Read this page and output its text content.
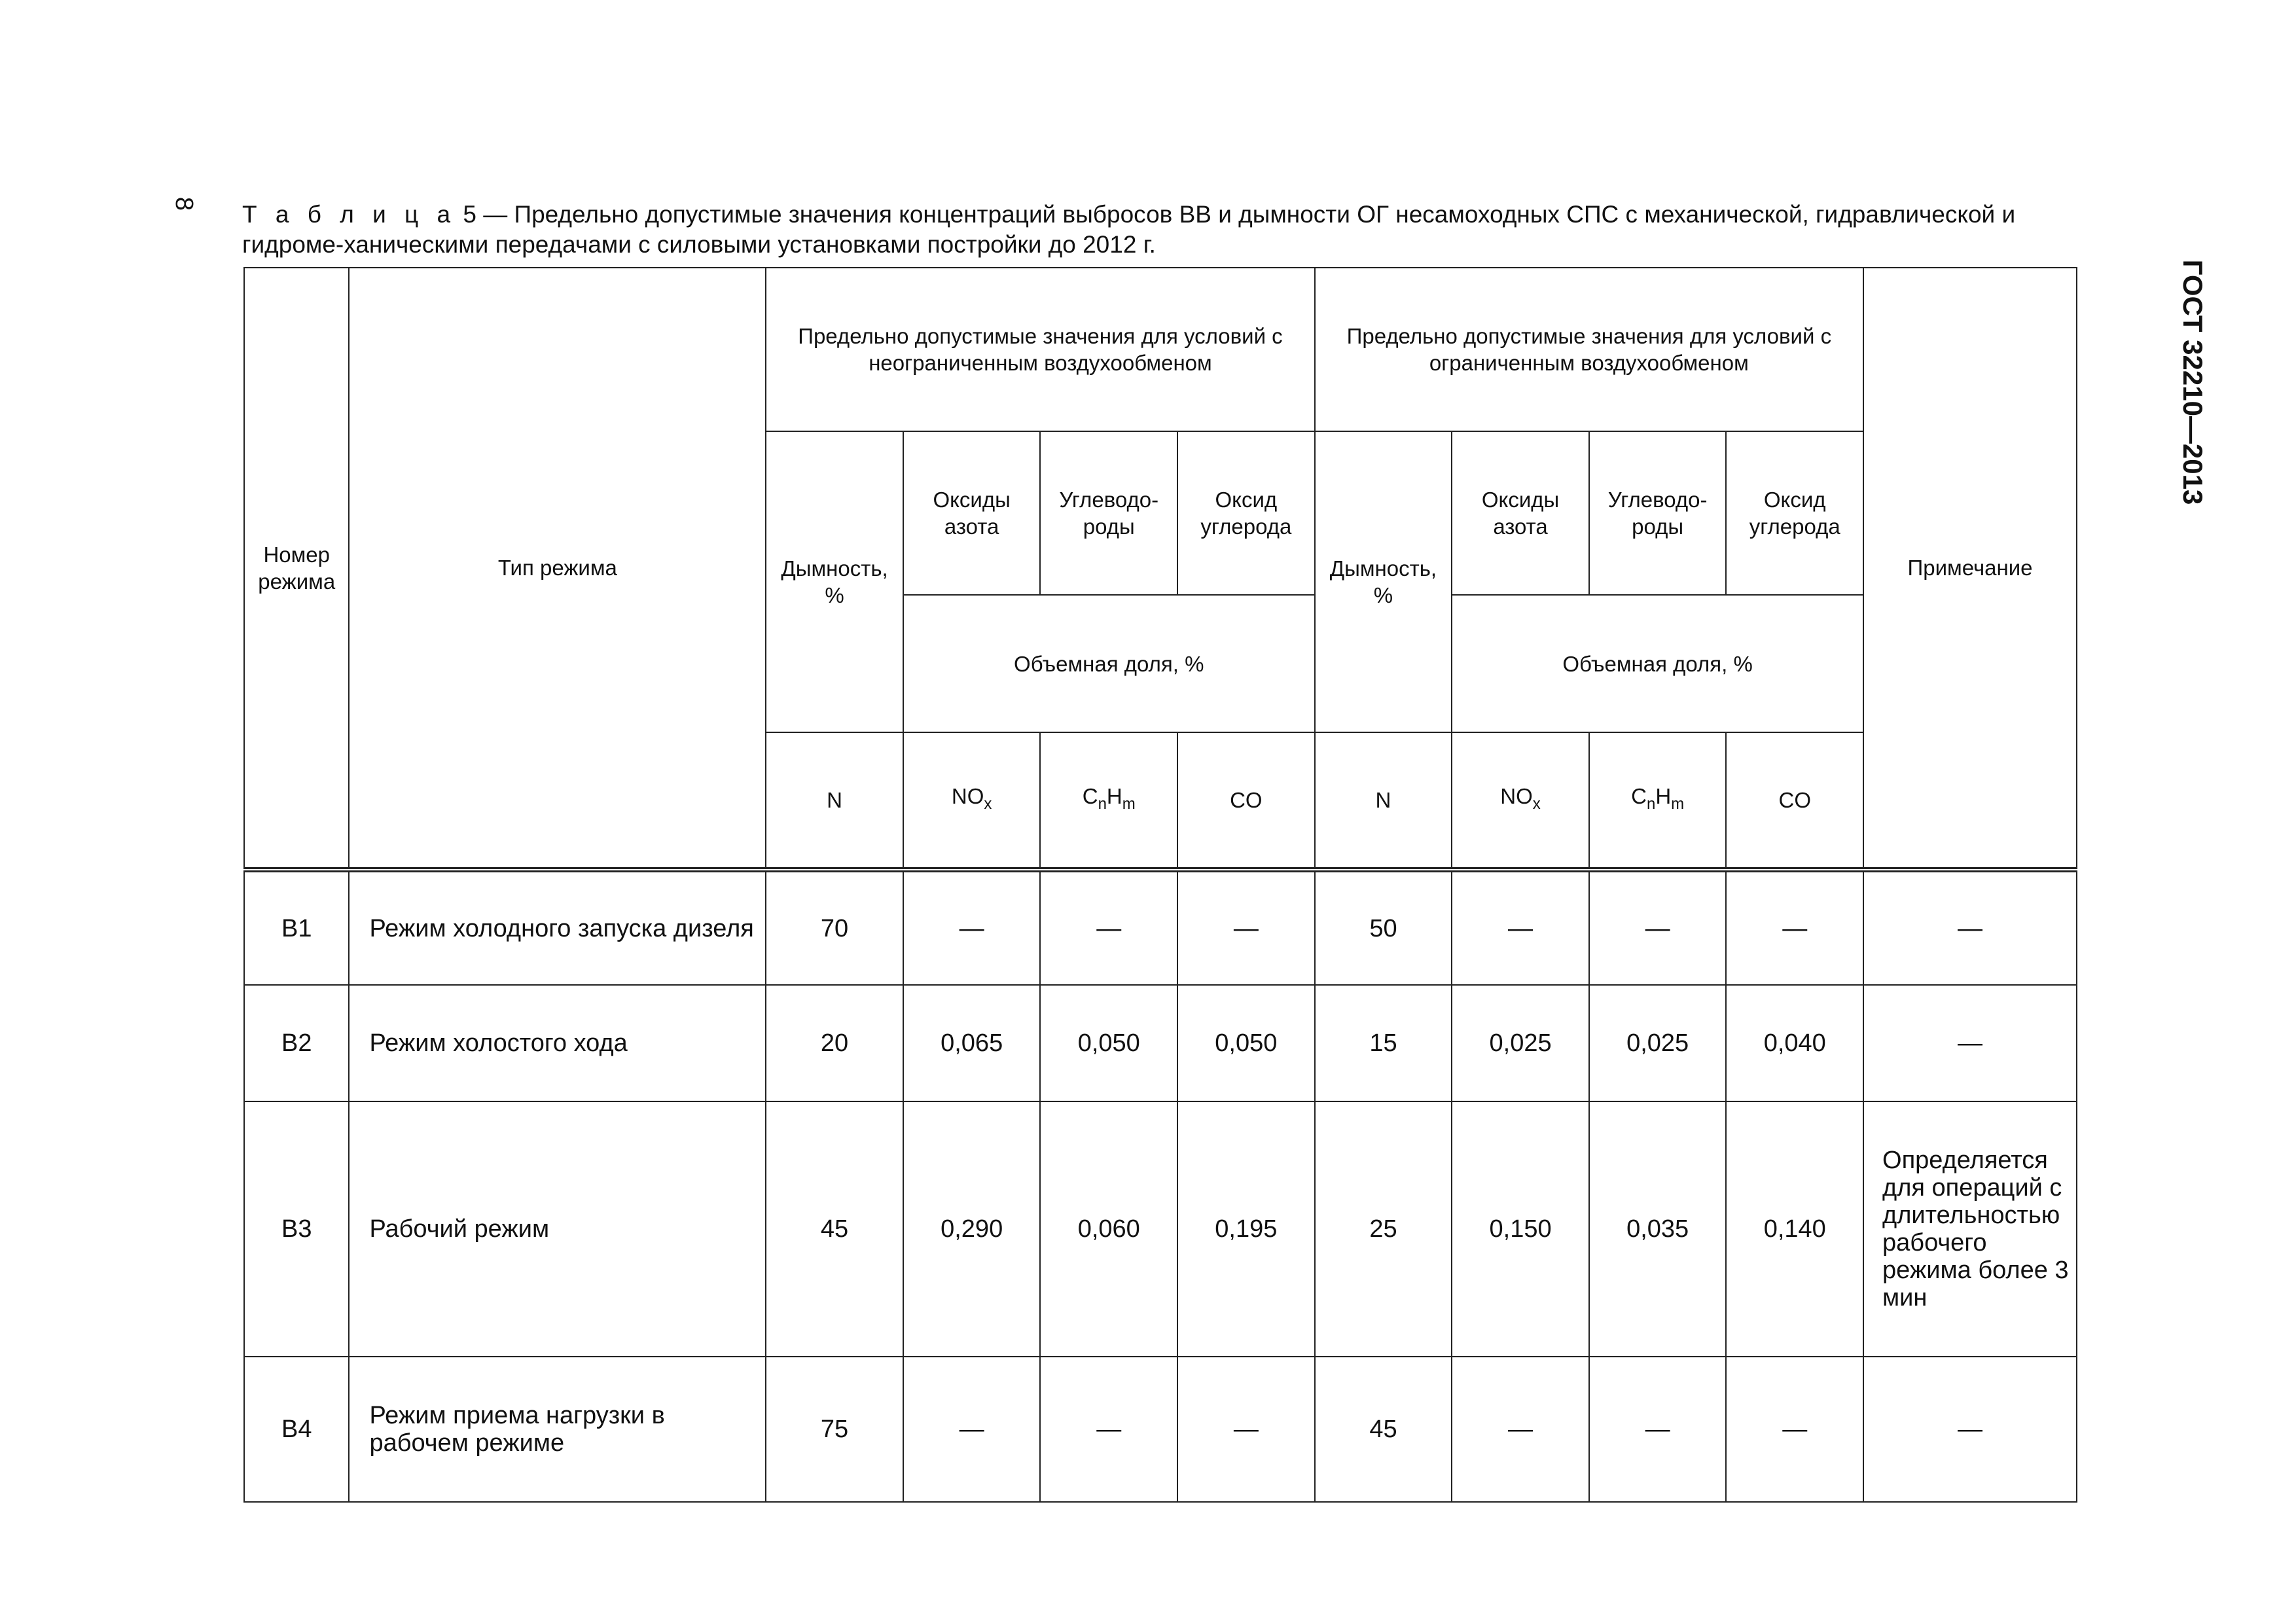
8
ГОСТ 32210—2013
Т а б л и ц а 5 — Предельно допустимые значения концентраций выбросов ВВ и дымности ОГ несамоходных СПС с механической, гидравлической и гидроме-ханическими передачами с силовыми установками постройки до 2012 г.
Номер режима	Тип режима	Предельно допустимые значения для условий с неограниченным воздухообменом				Предельно допустимые значения для условий с ограниченным воздухообменом				Примечание
		Дымность, %	Оксиды азота	Углеводо-роды	Оксид углерода	Дымность, %	Оксиды азота	Углеводо-роды	Оксид углерода	
			Объемная доля, %				Объемная доля, %			
		N	$NO_x$	$C_nH_m$	CO	N	$NO_x$	$C_nH_m$	CO	
В1	Режим холодного запуска дизеля	70	—	—	—	50	—	—	—	—
В2	Режим холостого хода	20	0,065	0,050	0,050	15	0,025	0,025	0,040	—
В3	Рабочий режим	45	0,290	0,060	0,195	25	0,150	0,035	0,140	Определяется для операций с длительностью рабочего режима более 3 мин
В4	Режим приема нагрузки в рабочем режиме	75	—	—	—	45	—	—	—	—
